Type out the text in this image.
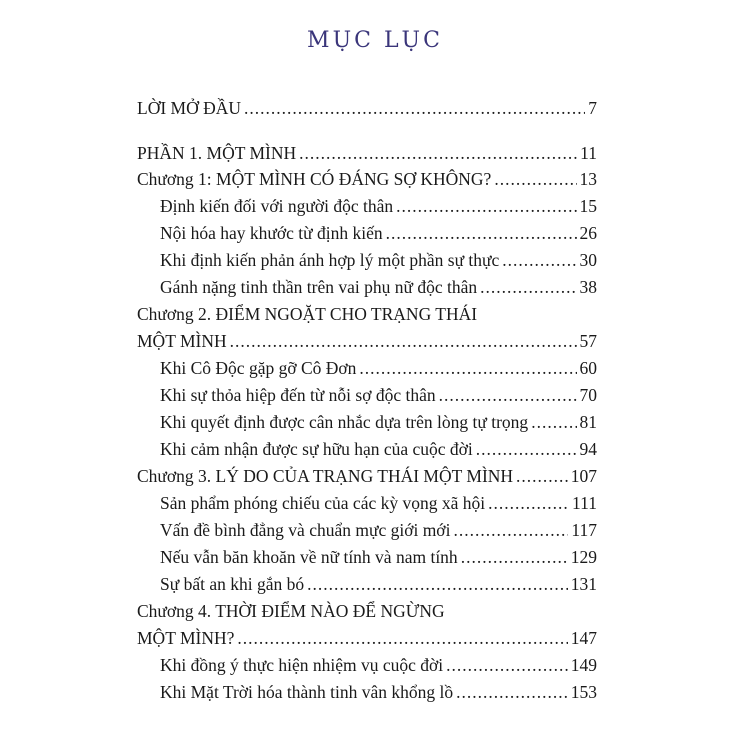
MỤC LỤC
LỜI MỞ ĐẦU .....	7
PHẦN 1. MỘT MÌNH .....	11
Chương 1: MỘT MÌNH CÓ ĐÁNG SỢ KHÔNG? .....	13
Định kiến đối với người độc thân .....	15
Nội hóa hay khước từ định kiến .....	26
Khi định kiến phản ánh hợp lý một phần sự thực .....	30
Gánh nặng tinh thần trên vai phụ nữ độc thân .....	38
Chương 2. ĐIỂM NGOẶT CHO TRẠNG THÁI
MỘT MÌNH .....	57
Khi Cô Độc gặp gỡ Cô Đơn .....	60
Khi sự thỏa hiệp đến từ nỗi sợ độc thân .....	70
Khi quyết định được cân nhắc dựa trên lòng tự trọng .....	81
Khi cảm nhận được sự hữu hạn của cuộc đời .....	94
Chương 3. LÝ DO CỦA TRẠNG THÁI MỘT MÌNH .....	107
Sản phẩm phóng chiếu của các kỳ vọng xã hội .....	111
Vấn đề bình đẳng và chuẩn mực giới mới .....	117
Nếu vẫn băn khoăn về nữ tính và nam tính .....	129
Sự bất an khi gắn bó .....	131
Chương 4. THỜI ĐIỂM NÀO ĐỂ NGỪNG
MỘT MÌNH? .....	147
Khi đồng ý thực hiện nhiệm vụ cuộc đời .....	149
Khi Mặt Trời hóa thành tinh vân khổng lồ .....	153
